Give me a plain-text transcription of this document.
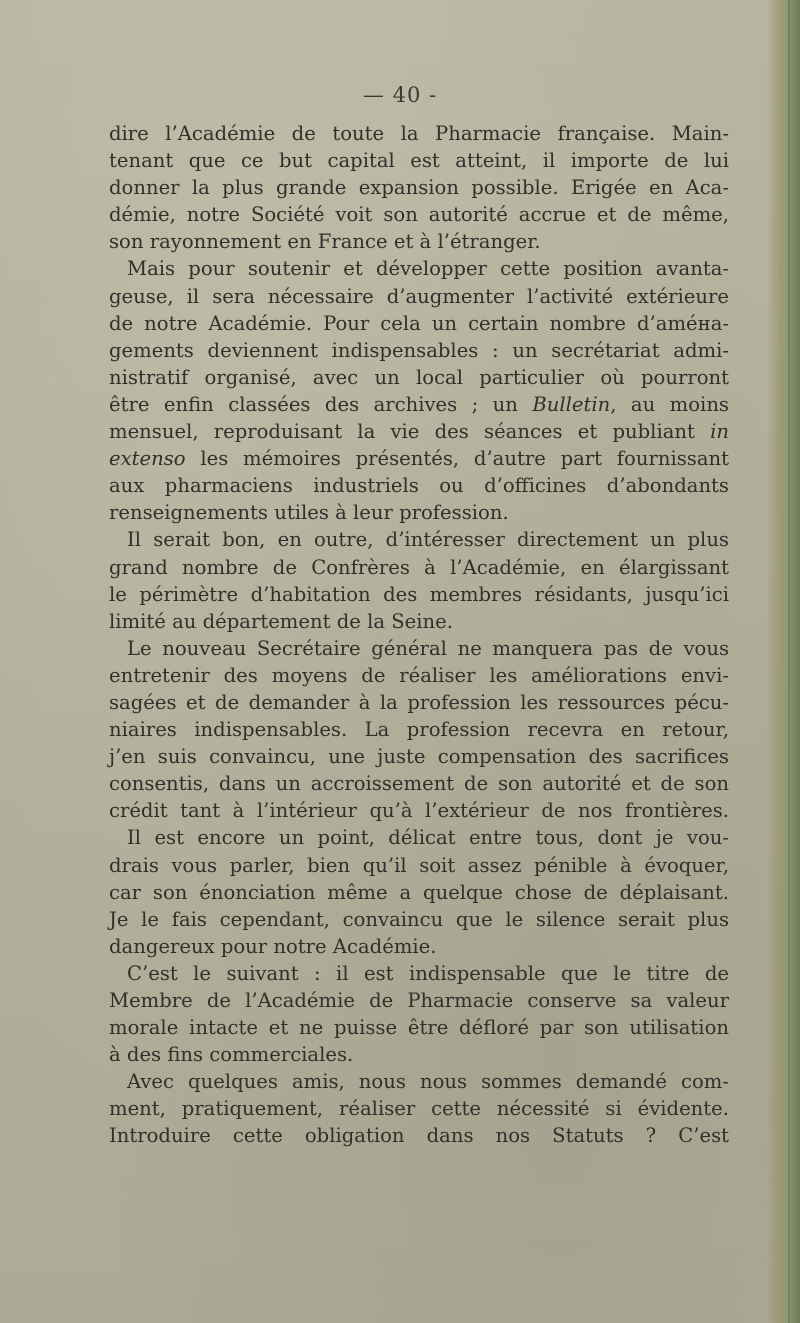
— 40 -
dire l’Académie de toute la Pharmacie française. Main-
tenant que ce but capital est atteint, il importe de lui
donner la plus grande expansion possible. Erigée en Aca-
démie, notre Société voit son autorité accrue et de même,
son rayonnement en France et à l’étranger.
Mais pour soutenir et développer cette position avanta-
geuse, il sera nécessaire d’augmenter l’activité extérieure
de notre Académie. Pour cela un certain nombre d’améна-
gements deviennent indispensables : un secrétariat admi-
nistratif organisé, avec un local particulier où pourront
être enfin classées des archives ; un Bulletin, au moins
mensuel, reproduisant la vie des séances et publiant in
extenso les mémoires présentés, d’autre part fournissant
aux pharmaciens industriels ou d’officines d’abondants
renseignements utiles à leur profession.
Il serait bon, en outre, d’intéresser directement un plus
grand nombre de Confrères à l’Académie, en élargissant
le périmètre d’habitation des membres résidants, jusqu’ici
limité au département de la Seine.
Le nouveau Secrétaire général ne manquera pas de vous
entretenir des moyens de réaliser les améliorations envi-
sagées et de demander à la profession les ressources pécu-
niaires indispensables. La profession recevra en retour,
j’en suis convaincu, une juste compensation des sacrifices
consentis, dans un accroissement de son autorité et de son
crédit tant à l’intérieur qu’à l’extérieur de nos frontières.
Il est encore un point, délicat entre tous, dont je vou-
drais vous parler, bien qu’il soit assez pénible à évoquer,
car son énonciation même a quelque chose de déplaisant.
Je le fais cependant, convaincu que le silence serait plus
dangereux pour notre Académie.
C’est le suivant : il est indispensable que le titre de
Membre de l’Académie de Pharmacie conserve sa valeur
morale intacte et ne puisse être déflоré par son utilisation
à des fins commerciales.
Avec quelques amis, nous nous sommes demandé com-
ment, pratiquement, réaliser cette nécessité si évidente.
Introduire cette obligation dans nos Statuts ? C’est
